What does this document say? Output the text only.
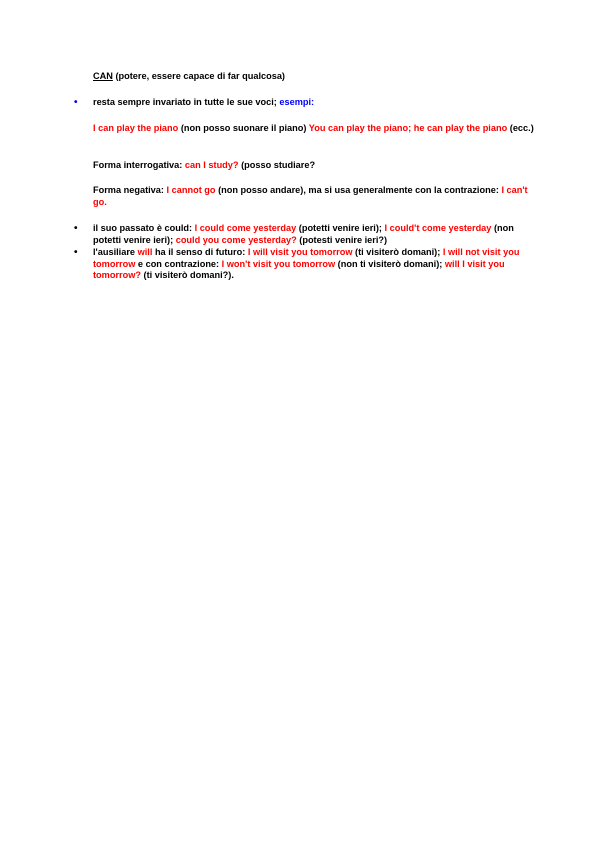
CAN (potere, essere capace di far qualcosa)
• resta sempre invariato in tutte le sue voci; esempi:
I can play the piano (non posso suonare il piano) You can play the piano; he can play the piano (ecc.)
Forma interrogativa: can I study? (posso studiare?
Forma negativa: I cannot go (non posso andare), ma si usa generalmente con la contrazione: I can't go.
• il suo passato è could: I could come yesterday (potetti venire ieri); I could't come yesterday (non potetti venire ieri); could you come yesterday? (potesti venire ieri?)
• l'ausiliare will ha il senso di futuro: I will visit you tomorrow (ti visiterò domani); I will not visit you tomorrow e con contrazione: I won't visit you tomorrow (non ti visiterò domani); will I visit you tomorrow? (ti visiterò domani?).
